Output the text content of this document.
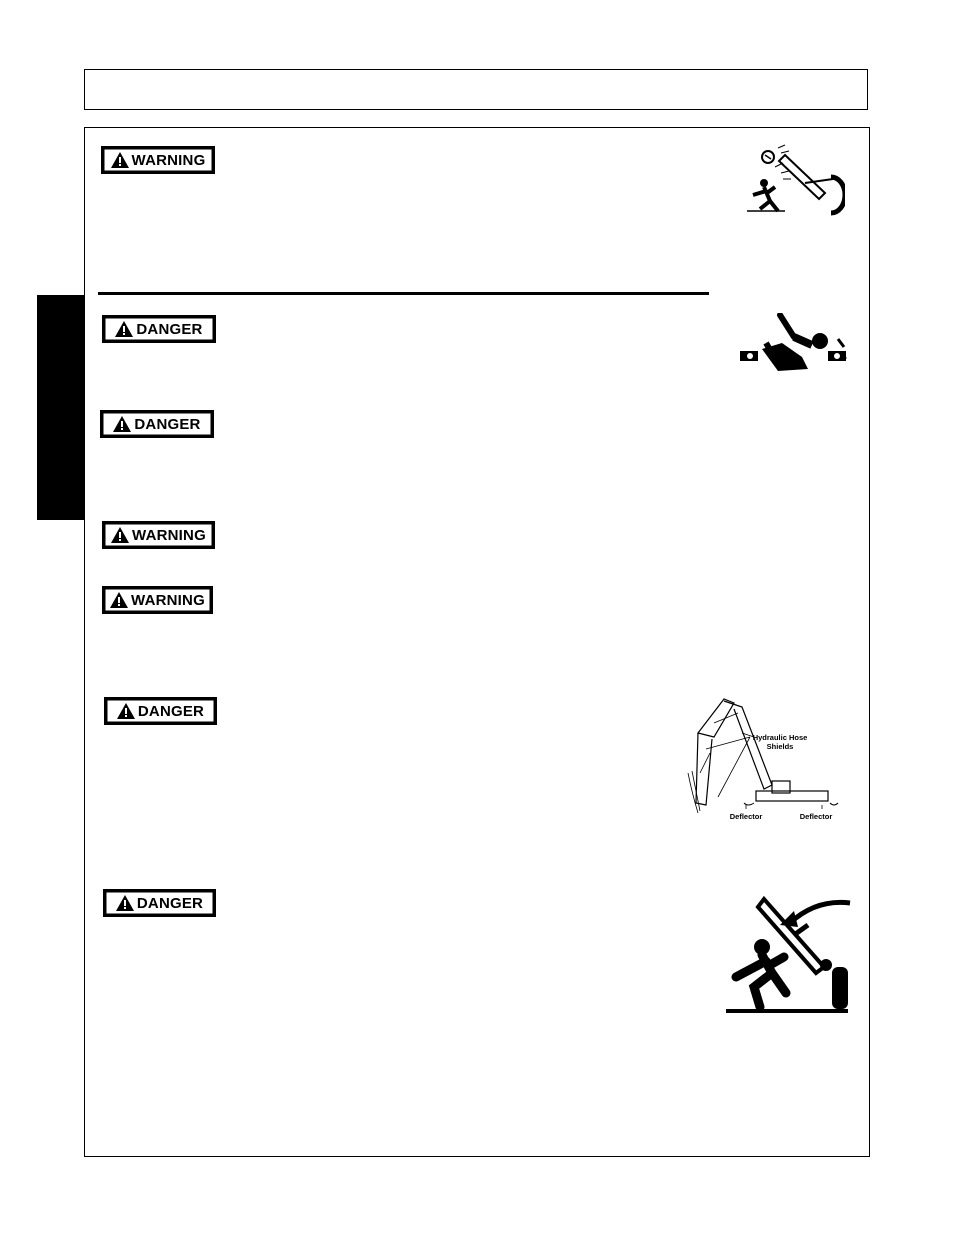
WARNING
DANGER
DANGER
WARNING
WARNING
DANGER
DANGER
Hydraulic Hose
Shields
Deflector	Deflector
